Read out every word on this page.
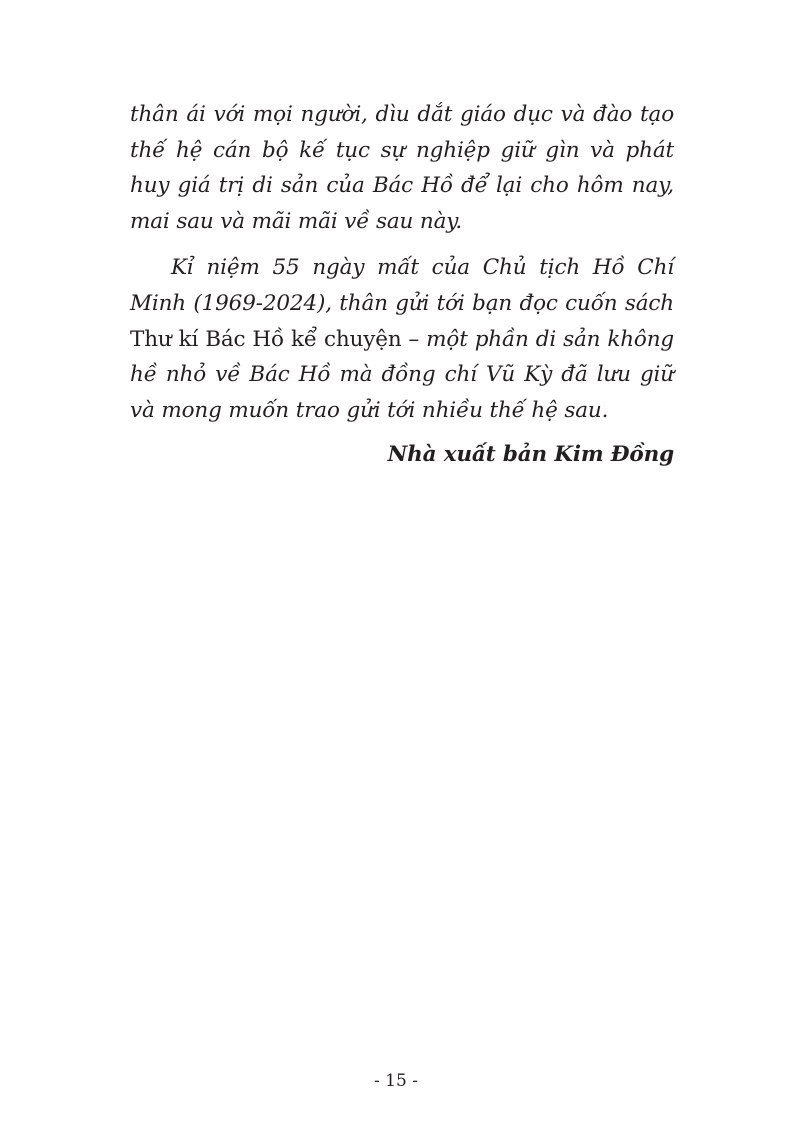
thân ái với mọi người, dìu dắt giáo dục và đào tạo thế hệ cán bộ kế tục sự nghiệp giữ gìn và phát huy giá trị di sản của Bác Hồ để lại cho hôm nay, mai sau và mãi mãi về sau này.

Kỉ niệm 55 ngày mất của Chủ tịch Hồ Chí Minh (1969-2024), thân gửi tới bạn đọc cuốn sách Thư kí Bác Hồ kể chuyện – một phần di sản không hề nhỏ về Bác Hồ mà đồng chí Vũ Kỳ đã lưu giữ và mong muốn trao gửi tới nhiều thế hệ sau.

Nhà xuất bản Kim Đồng

- 15 -
